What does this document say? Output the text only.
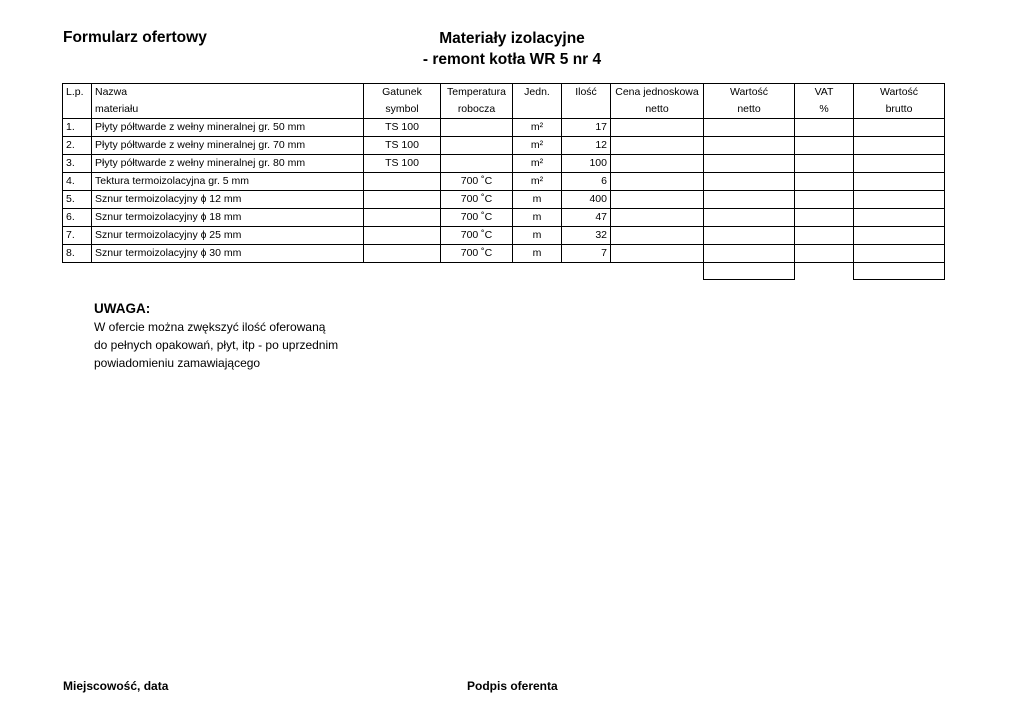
Formularz ofertowy	Materiały izolacyjne
- remont kotła WR 5 nr 4
L.p.	Nazwa	Gatunek	Temperatura	Jedn.	Ilość	Cena jednoskowa	Wartość	VAT	Wartość
	materiału	symbol	robocza			netto	netto	%	brutto
1.	Płyty półtwarde z wełny mineralnej gr. 50 mm	TS 100		m²	17				
2.	Płyty półtwarde z wełny mineralnej gr. 70 mm	TS 100		m²	12				
3.	Płyty półtwarde z wełny mineralnej gr. 80 mm	TS 100		m²	100				
4.	Tektura termoizolacyjna gr. 5 mm		700 ˚C	m²	6				
5.	Sznur termoizolacyjny ɸ 12 mm		700 ˚C	m	400				
6.	Sznur termoizolacyjny ɸ 18 mm		700 ˚C	m	47				
7.	Sznur termoizolacyjny ɸ 25 mm		700 ˚C	m	32				
8.	Sznur termoizolacyjny ɸ 30 mm		700 ˚C	m	7				

UWAGA:
W ofercie można zwększyć ilość oferowaną
do pełnych opakowań, płyt, itp - po uprzednim
powiadomieniu zamawiającego
Miejscowość, data	Podpis oferenta
